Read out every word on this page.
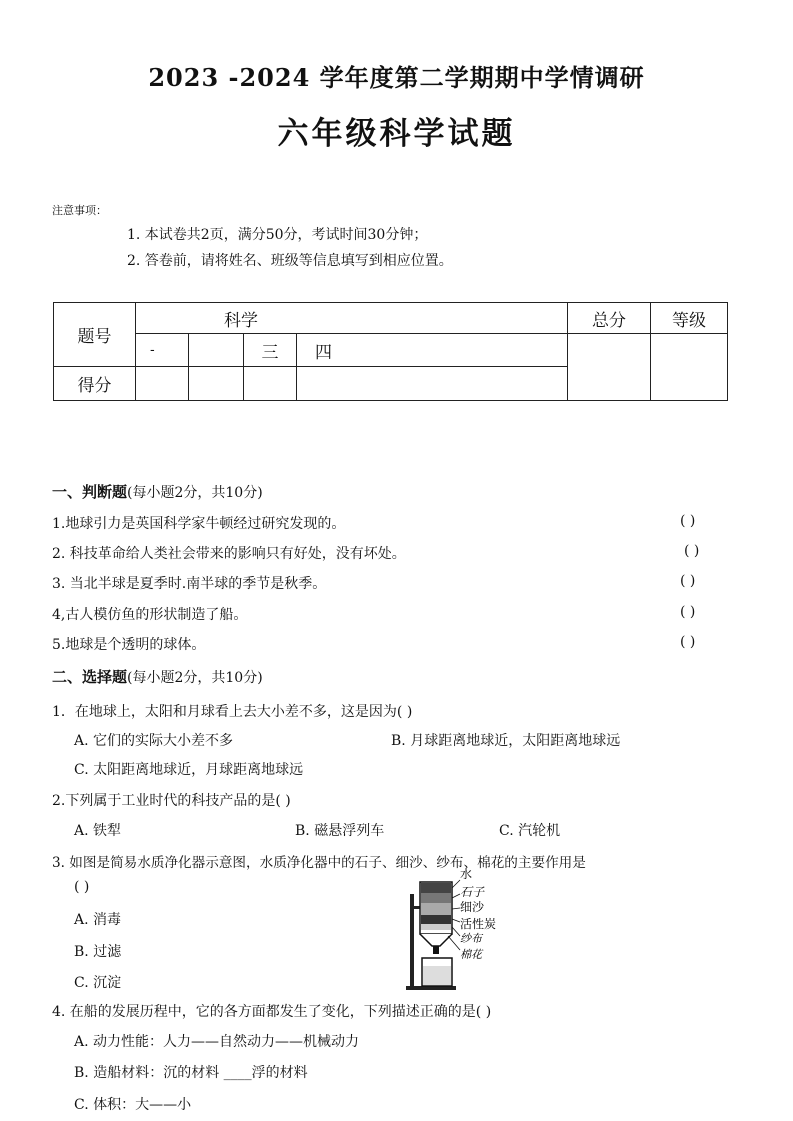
2023 -2024 学年度第二学期期中学情调研
六年级科学试题
注意事项：
1. 本试卷共2页，满分50分，考试时间30分钟；
2. 答卷前，请将姓名、班级等信息填写到相应位置。
题号	科学				总分	等级
	-		三	四		
得分						
一、判断题(每小题2分，共10分)
1.地球引力是英国科学家牛顿经过研究发现的。	( )
2. 科技革命给人类社会带来的影响只有好处，没有坏处。	( )
3. 当北半球是夏季时.南半球的季节是秋季。	( )
4,古人模仿鱼的形状制造了船。	( )
5.地球是个透明的球体。	( )
二、选择题(每小题2分，共10分)
1．在地球上，太阳和月球看上去大小差不多，这是因为( )
A. 它们的实际大小差不多	B. 月球距离地球近，太阳距离地球远
C. 太阳距离地球近，月球距离地球远
2.下列属于工业时代的科技产品的是( )
A. 铁犁	B. 磁悬浮列车	C. 汽轮机
3. 如图是简易水质净化器示意图，水质净化器中的石子、细沙、纱布、棉花的主要作用是
( )
A. 消毒
B. 过滤
C. 沉淀
水
石子
细沙
活性炭
纱布
棉花
4. 在船的发展历程中，它的各方面都发生了变化，下列描述正确的是( )
A. 动力性能：人力——自然动力——机械动力
B. 造船材料：沉的材料 ____浮的材料
C. 体积：大——小
